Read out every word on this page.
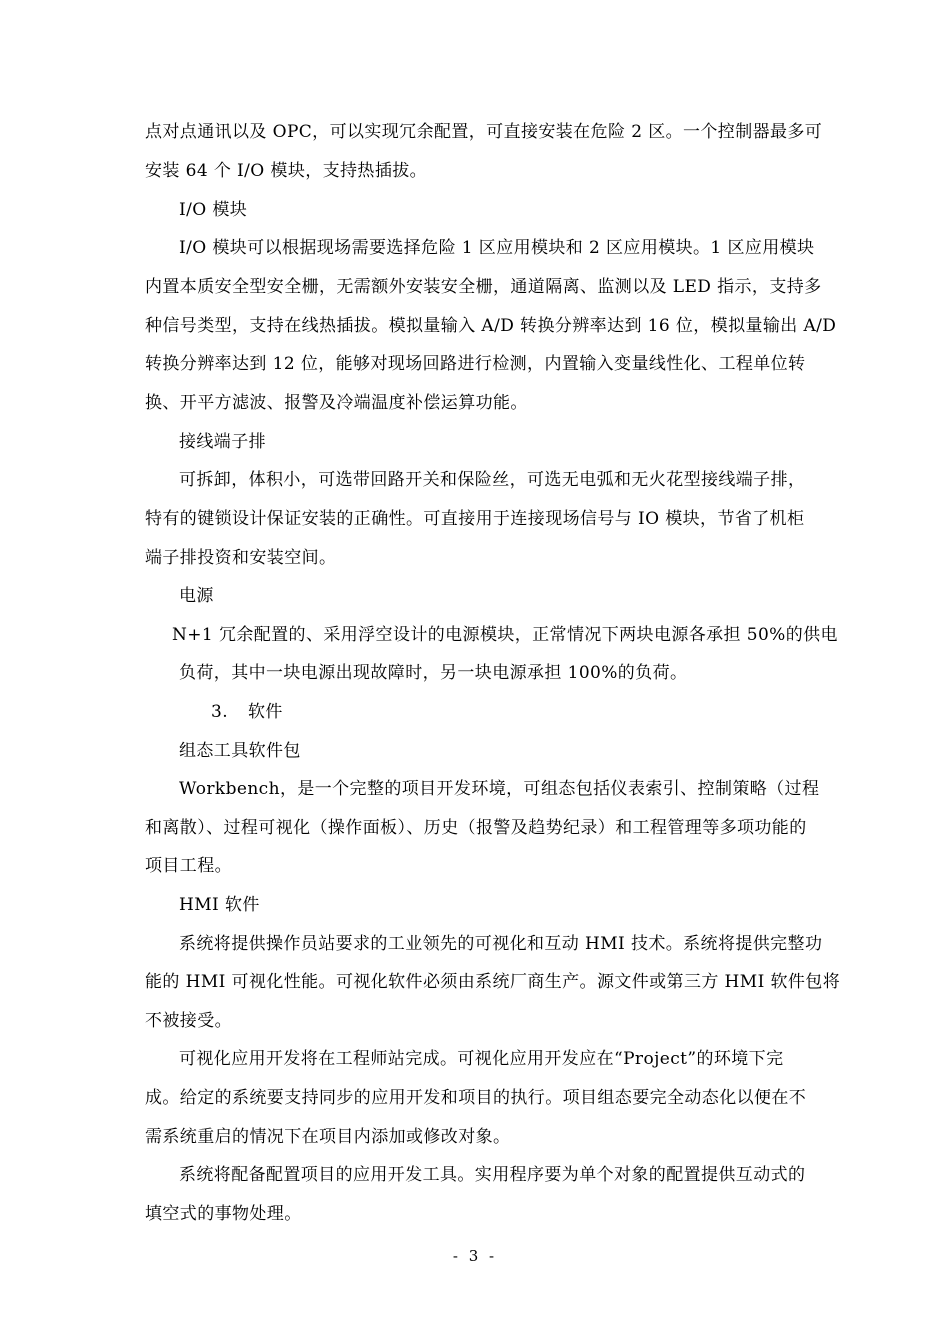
点对点通讯以及 OPC，可以实现冗余配置，可直接安装在危险 2 区。一个控制器最多可
安装 64 个 I/O 模块，支持热插拔。
I/O 模块
I/O 模块可以根据现场需要选择危险 1 区应用模块和 2 区应用模块。1 区应用模块
内置本质安全型安全栅，无需额外安装安全栅，通道隔离、监测以及 LED 指示，支持多
种信号类型，支持在线热插拔。模拟量输入 A/D 转换分辨率达到 16 位，模拟量输出 A/D
转换分辨率达到 12 位，能够对现场回路进行检测，内置输入变量线性化、工程单位转
换、开平方滤波、报警及冷端温度补偿运算功能。
接线端子排
可拆卸，体积小，可选带回路开关和保险丝，可选无电弧和无火花型接线端子排，
特有的键锁设计保证安装的正确性。可直接用于连接现场信号与 IO 模块，节省了机柜
端子排投资和安装空间。
电源
N+1 冗余配置的、采用浮空设计的电源模块，正常情况下两块电源各承担 50%的供电
负荷，其中一块电源出现故障时，另一块电源承担 100%的负荷。
3. 软件
组态工具软件包
Workbench，是一个完整的项目开发环境，可组态包括仪表索引、控制策略（过程
和离散）、过程可视化（操作面板）、历史（报警及趋势纪录）和工程管理等多项功能的
项目工程。
HMI 软件
系统将提供操作员站要求的工业领先的可视化和互动 HMI 技术。系统将提供完整功
能的 HMI 可视化性能。可视化软件必须由系统厂商生产。源文件或第三方 HMI 软件包将
不被接受。
可视化应用开发将在工程师站完成。可视化应用开发应在“Project”的环境下完
成。给定的系统要支持同步的应用开发和项目的执行。项目组态要完全动态化以便在不
需系统重启的情况下在项目内添加或修改对象。
系统将配备配置项目的应用开发工具。实用程序要为单个对象的配置提供互动式的
填空式的事物处理。
- 3 -
